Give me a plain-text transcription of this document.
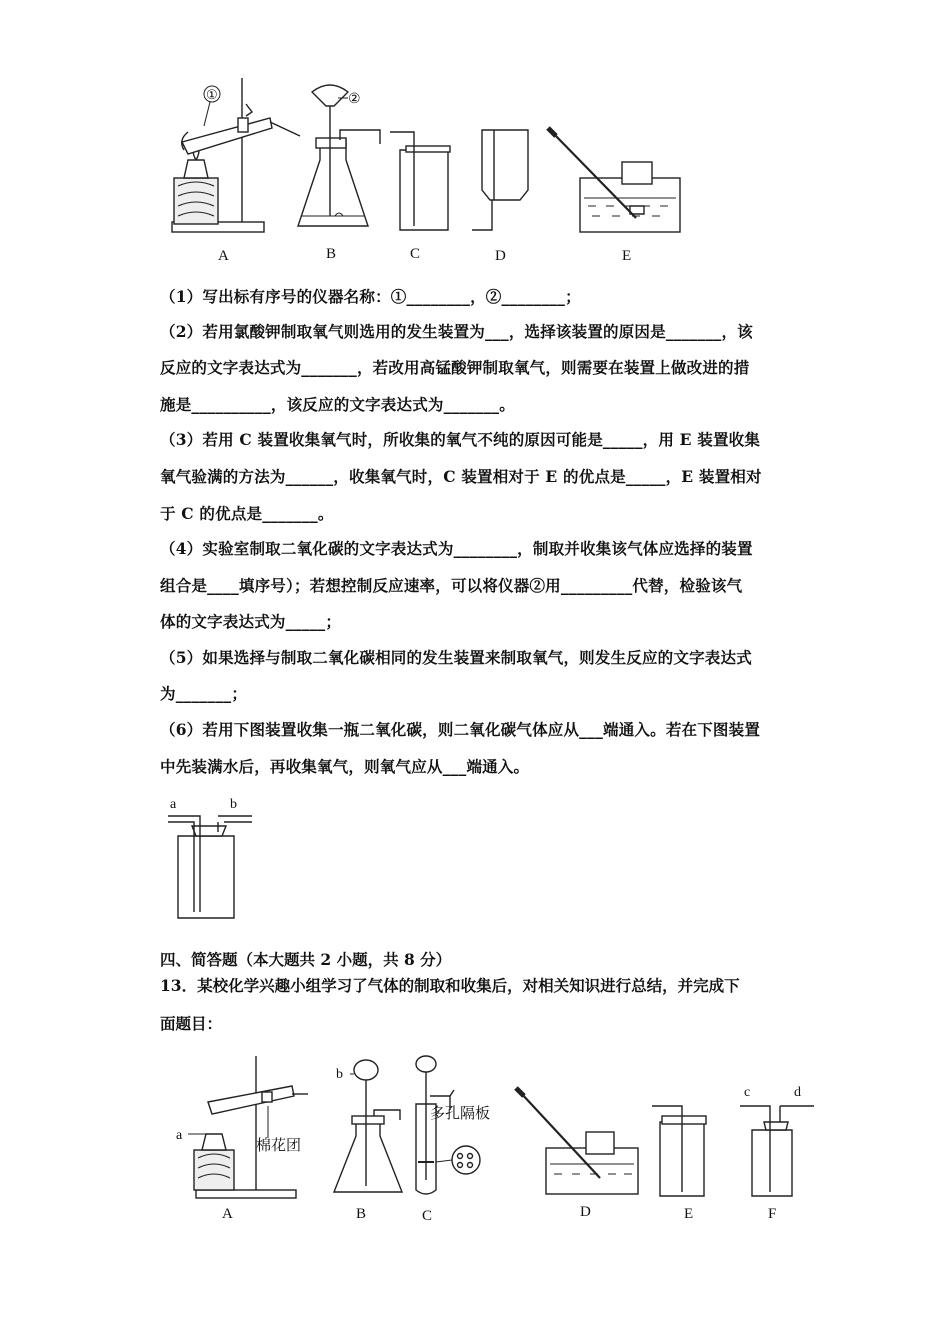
①	②
A	B	C	D	E
（1）写出标有序号的仪器名称：①________，②________；
（2）若用氯酸钾制取氧气则选用的发生装置为___，选择该装置的原因是_______，该
反应的文字表达式为_______，若改用高锰酸钾制取氧气，则需要在装置上做改进的措
施是__________，该反应的文字表达式为_______。
（3）若用 C 装置收集氧气时，所收集的氧气不纯的原因可能是_____，用 E 装置收集
氧气验满的方法为______，收集氧气时，C 装置相对于 E 的优点是_____，E 装置相对
于 C 的优点是_______。
（4）实验室制取二氧化碳的文字表达式为________，制取并收集该气体应选择的装置
组合是____填序号）；若想控制反应速率，可以将仪器②用_________代替，检验该气
体的文字表达式为_____；
（5）如果选择与制取二氧化碳相同的发生装置来制取氧气，则发生反应的文字表达式
为_______；
（6）若用下图装置收集一瓶二氧化碳，则二氧化碳气体应从___端通入。若在下图装置
中先装满水后，再收集氧气，则氧气应从___端通入。
a	b
四、简答题（本大题共 2 小题，共 8 分）
13．某校化学兴趣小组学习了气体的制取和收集后，对相关知识进行总结，并完成下
面题目：
棉花团
多孔隔板
a
b
c	d
A	B	C	D	E	F
